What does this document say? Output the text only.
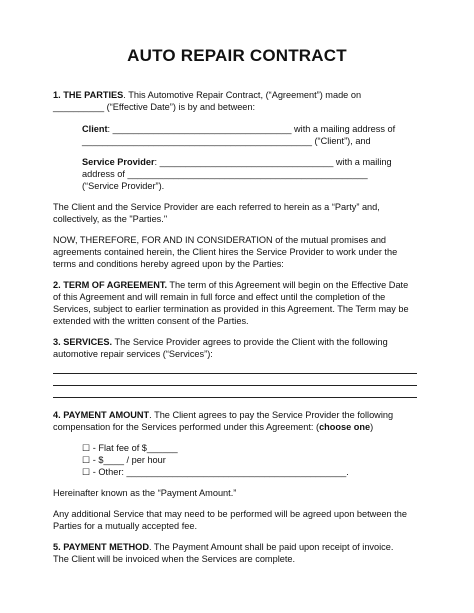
AUTO REPAIR CONTRACT
1. THE PARTIES. This Automotive Repair Contract, (“Agreement”) made on
__________ (“Effective Date”) is by and between:
Client: ___________________________________ with a mailing address of
_____________________________________________ (“Client”), and
Service Provider: __________________________________ with a mailing
address of _______________________________________________
(“Service Provider”).
The Client and the Service Provider are each referred to herein as a “Party” and,
collectively, as the "Parties."
NOW, THEREFORE, FOR AND IN CONSIDERATION of the mutual promises and
agreements contained herein, the Client hires the Service Provider to work under the
terms and conditions hereby agreed upon by the Parties:
2. TERM OF AGREEMENT. The term of this Agreement will begin on the Effective Date
of this Agreement and will remain in full force and effect until the completion of the
Services, subject to earlier termination as provided in this Agreement. The Term may be
extended with the written consent of the Parties.
3. SERVICES. The Service Provider agrees to provide the Client with the following
automotive repair services (“Services”):
4. PAYMENT AMOUNT. The Client agrees to pay the Service Provider the following
compensation for the Services performed under this Agreement: (choose one)
☐ - Flat fee of $______
☐ - $____ / per hour
☐ - Other: ___________________________________________.
Hereinafter known as the “Payment Amount.”
Any additional Service that may need to be performed will be agreed upon between the
Parties for a mutually accepted fee.
5. PAYMENT METHOD. The Payment Amount shall be paid upon receipt of invoice.
The Client will be invoiced when the Services are complete.
